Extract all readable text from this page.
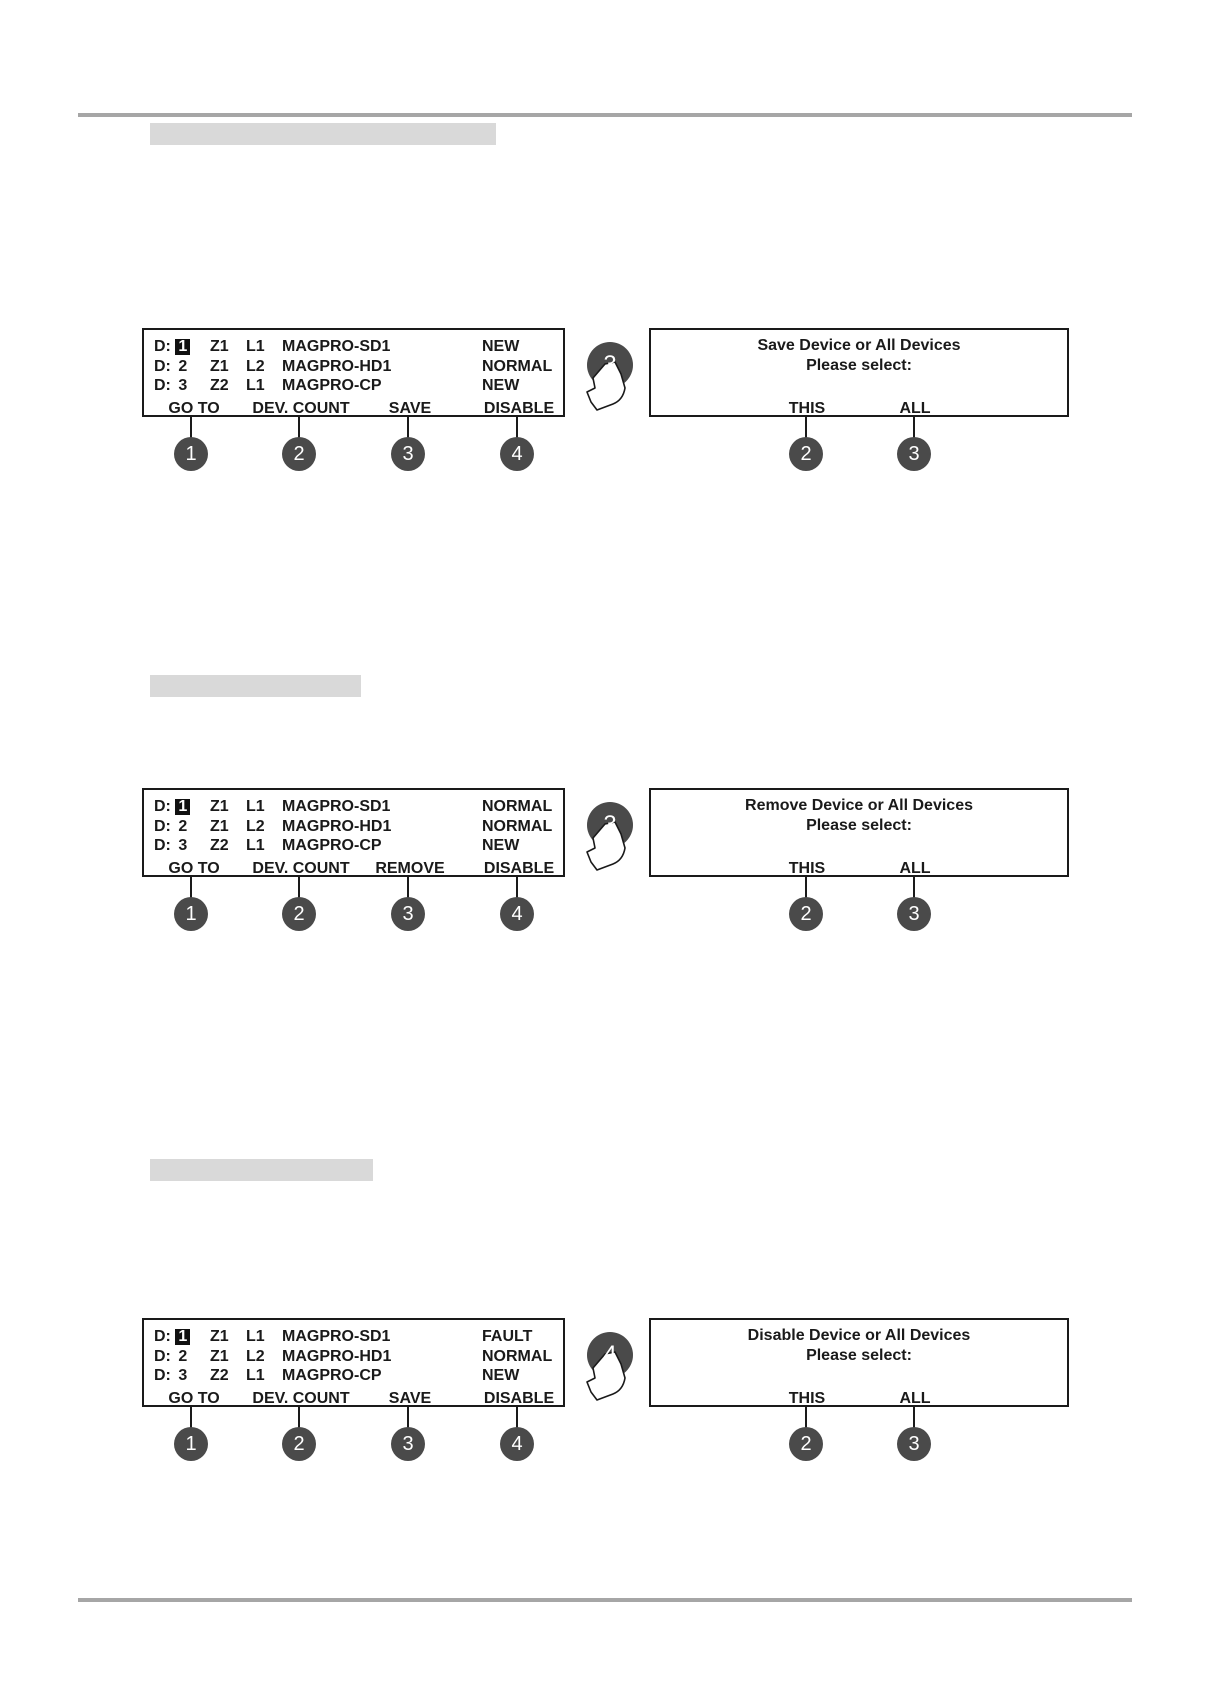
D: 1 Z1 L1 MAGPRO-SD1	NEW
D: 2 Z1 L2 MAGPRO-HD1	NORMAL
D: 3 Z2 L1 MAGPRO-CP	NEW
GO TO DEV. COUNT SAVE	DISABLE
1	2	3	4
3
Save Device or All Devices
Please select:
THIS	ALL
2	3
D: 1 Z1 L1 MAGPRO-SD1	NORMAL
D: 2 Z1 L2 MAGPRO-HD1	NORMAL
D: 3 Z2 L1 MAGPRO-CP	NEW
GO TO DEV. COUNT REMOVE DISABLE
1	2	3	4
3
Remove Device or All Devices
Please select:
THIS	ALL
2	3
D: 1 Z1 L1 MAGPRO-SD1	FAULT
D: 2 Z1 L2 MAGPRO-HD1	NORMAL
D: 3 Z2 L1 MAGPRO-CP	NEW
GO TO DEV. COUNT SAVE	DISABLE
1	2	3	4
4
Disable Device or All Devices
Please select:
THIS	ALL
2	3
